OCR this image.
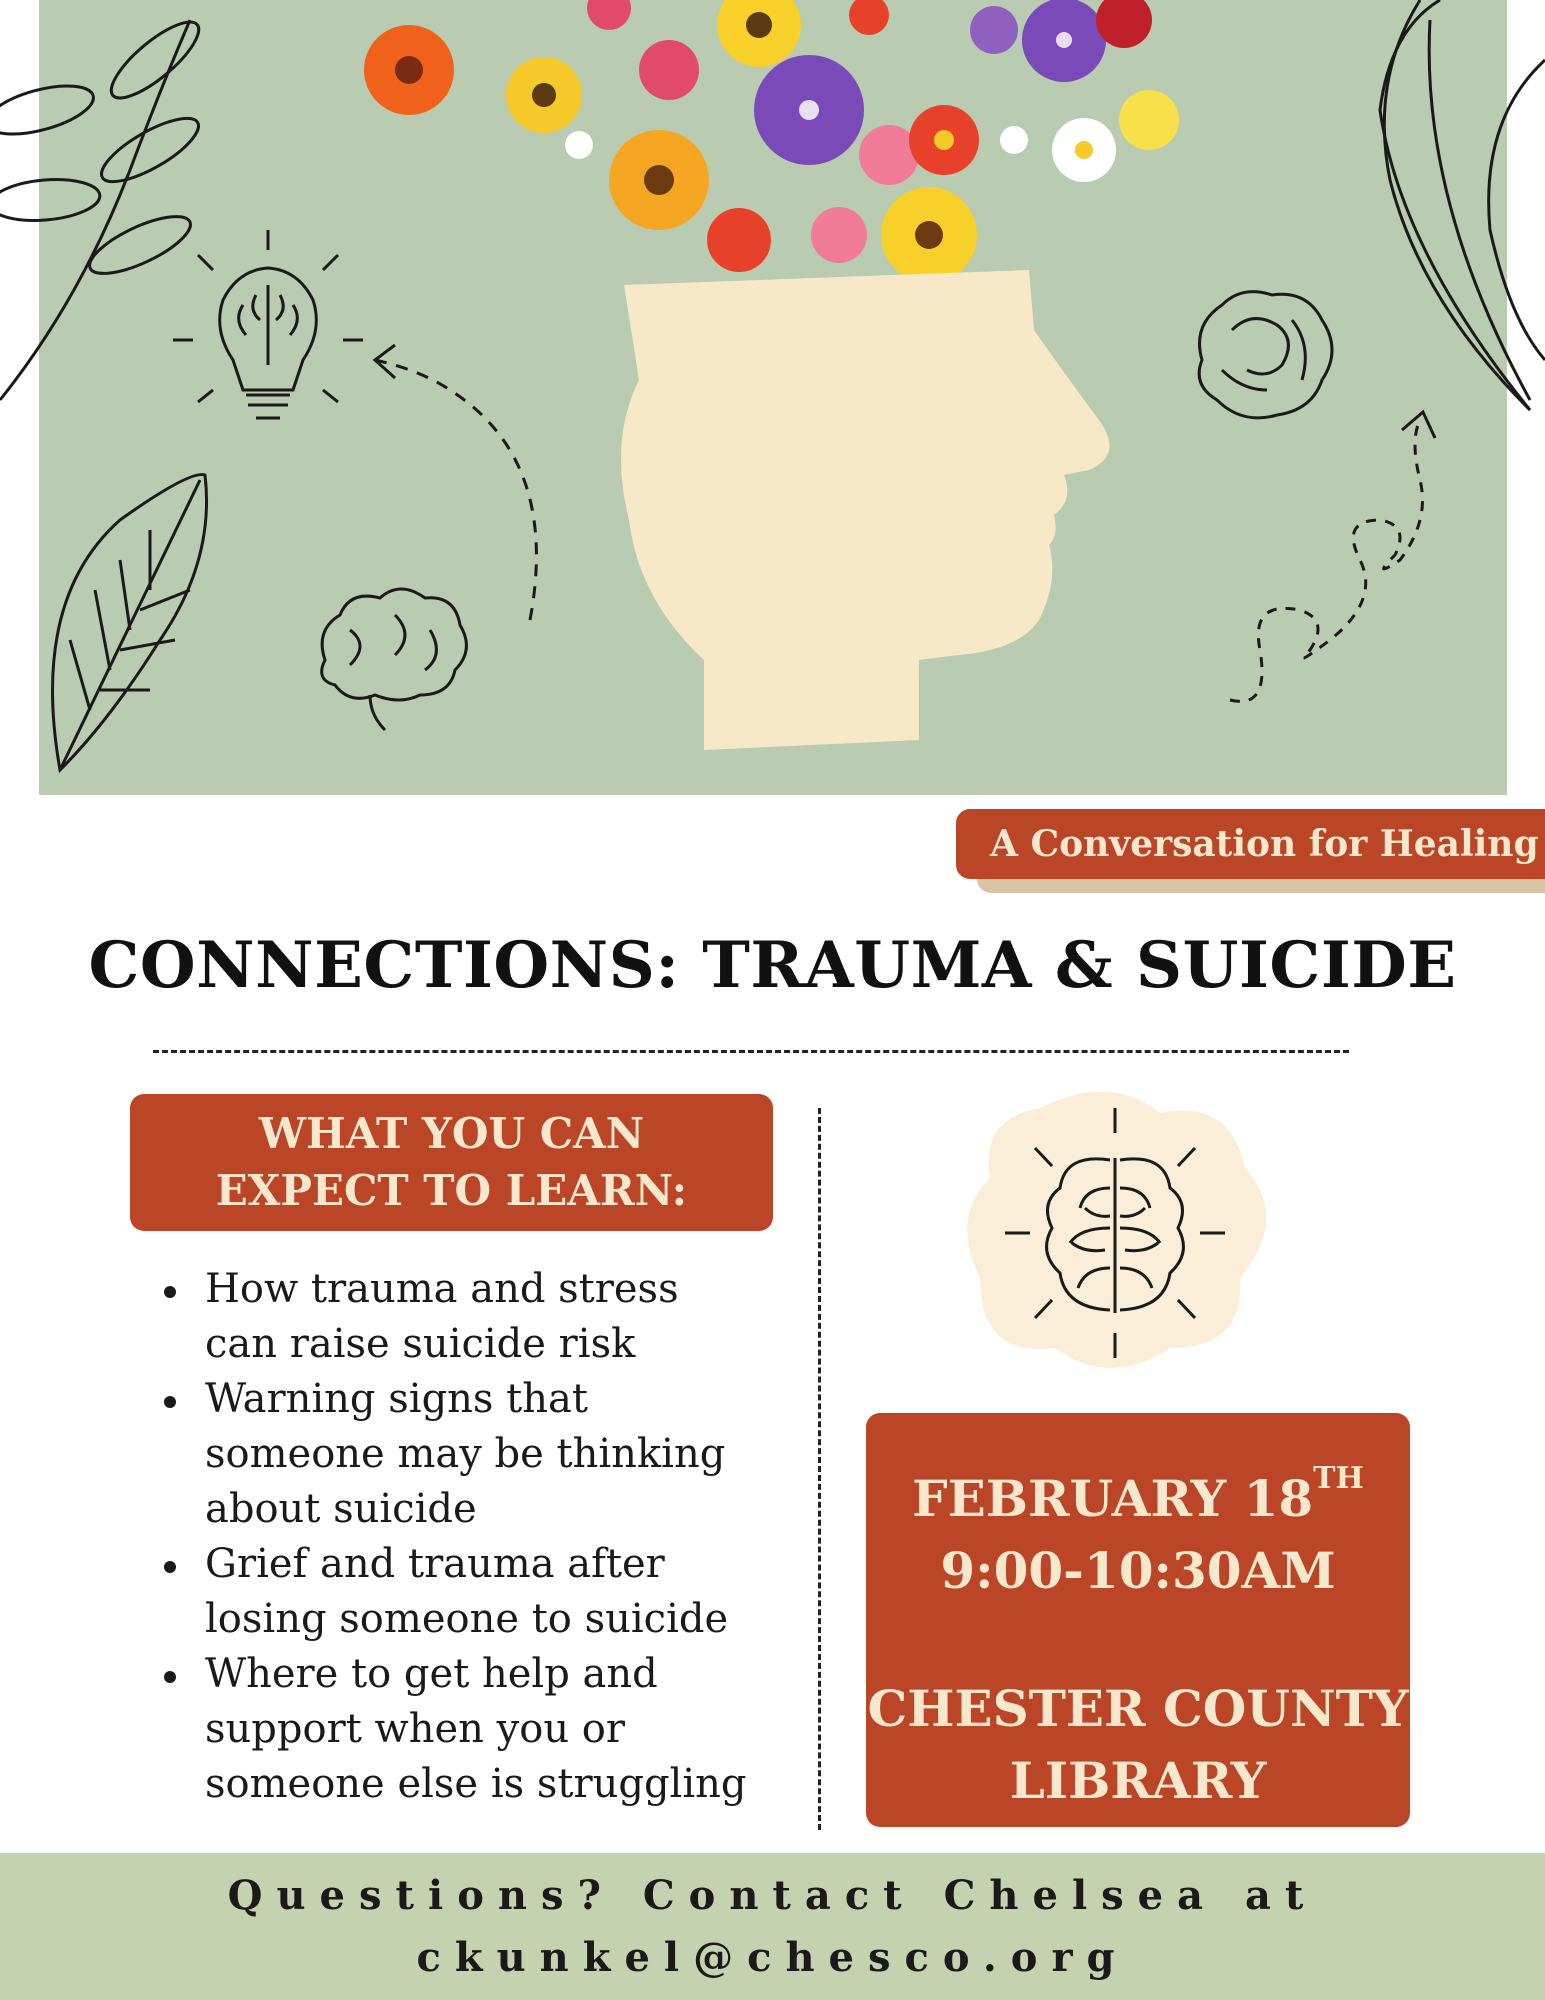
A Conversation for Healing
CONNECTIONS: TRAUMA & SUICIDE
WHAT YOU CAN EXPECT TO LEARN:
How trauma and stress can raise suicide risk
Warning signs that someone may be thinking about suicide
Grief and trauma after losing someone to suicide
Where to get help and support when you or someone else is struggling
FEBRUARY 18TH
9:00-10:30AM
CHESTER COUNTY
LIBRARY
Questions? Contact Chelsea at
ckunkel@chesco.org
